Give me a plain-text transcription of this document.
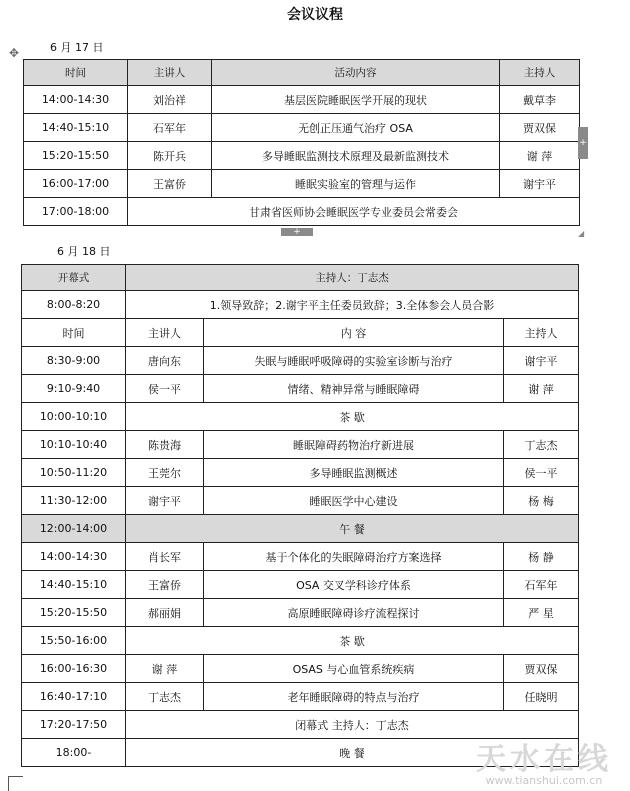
会议议程
✥	6 月 17 日
时间	主讲人	活动内容	主持人
14:00-14:30	刘治祥	基层医院睡眠医学开展的现状	戴草李
14:40-15:10	石军年	无创正压通气治疗 OSA	贾双保
15:20-15:50	陈开兵	多导睡眠监测技术原理及最新监测技术	谢 萍
16:00-17:00	王富侨	睡眠实验室的管理与运作	谢宇平
17:00-18:00	甘肃省医师协会睡眠医学专业委员会常委会		
+
+
◢
6 月 18 日
开幕式	主持人：丁志杰		
8:00-8:20	1.领导致辞；2.谢宇平主任委员致辞；3.全体参会人员合影		
时间	主讲人	内 容	主持人
8:30-9:00	唐向东	失眠与睡眠呼吸障碍的实验室诊断与治疗	谢宇平
9:10-9:40	侯一平	情绪、精神异常与睡眠障碍	谢 萍
10:00-10:10	茶 歇		
10:10-10:40	陈贵海	睡眠障碍药物治疗新进展	丁志杰
10:50-11:20	王莞尔	多导睡眠监测概述	侯一平
11:30-12:00	谢宇平	睡眠医学中心建设	杨 梅
12:00-14:00	午 餐		
14:00-14:30	肖长军	基于个体化的失眠障碍治疗方案选择	杨 静
14:40-15:10	王富侨	OSA 交叉学科诊疗体系	石军年
15:20-15:50	郝丽娟	高原睡眠障碍诊疗流程探讨	严 星
15:50-16:00	茶 歇		
16:00-16:30	谢 萍	OSAS 与心血管系统疾病	贾双保
16:40-17:10	丁志杰	老年睡眠障碍的特点与治疗	任晓明
17:20-17:50	闭幕式 主持人：丁志杰		
18:00-	晚 餐			天水在线
www.tianshui.com.cn
